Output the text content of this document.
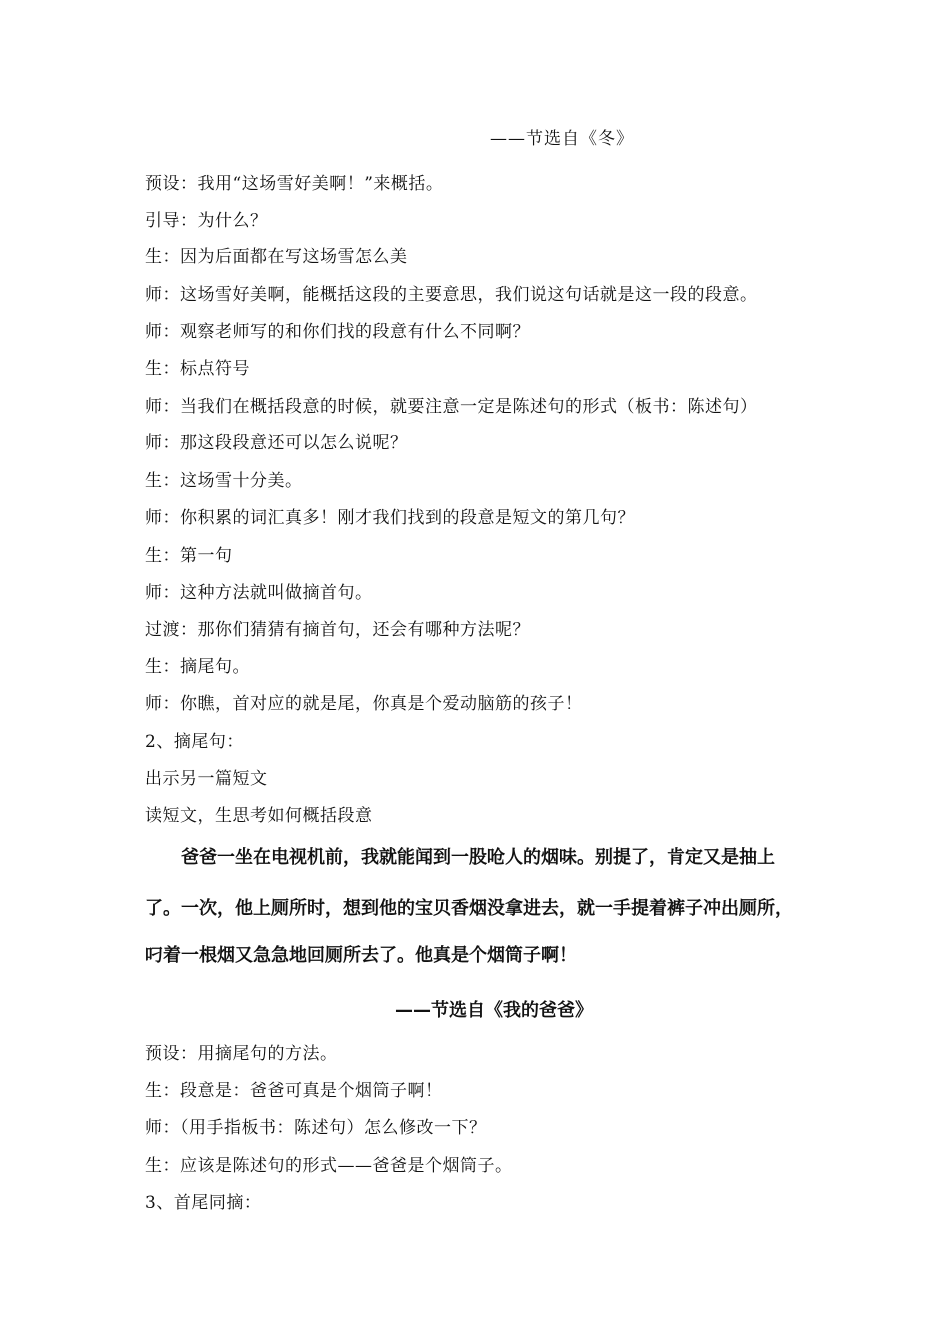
——节选自《冬》
预设：我用“这场雪好美啊！”来概括。
引导：为什么？
生：因为后面都在写这场雪怎么美
师：这场雪好美啊，能概括这段的主要意思，我们说这句话就是这一段的段意。
师：观察老师写的和你们找的段意有什么不同啊？
生：标点符号
师：当我们在概括段意的时候，就要注意一定是陈述句的形式（板书：陈述句）
师：那这段段意还可以怎么说呢？
生：这场雪十分美。
师：你积累的词汇真多！刚才我们找到的段意是短文的第几句？
生：第一句
师：这种方法就叫做摘首句。
过渡：那你们猜猜有摘首句，还会有哪种方法呢？
生：摘尾句。
师：你瞧，首对应的就是尾，你真是个爱动脑筋的孩子！
2、摘尾句：
出示另一篇短文
读短文，生思考如何概括段意
　　爸爸一坐在电视机前，我就能闻到一股呛人的烟味。别提了，肯定又是抽上
了。一次，他上厕所时，想到他的宝贝香烟没拿进去，就一手提着裤子冲出厕所，
叼着一根烟又急急地回厕所去了。他真是个烟筒子啊！
——节选自《我的爸爸》
预设：用摘尾句的方法。
生：段意是：爸爸可真是个烟筒子啊！
师：（用手指板书：陈述句）怎么修改一下？
生：应该是陈述句的形式——爸爸是个烟筒子。
3、首尾同摘：
